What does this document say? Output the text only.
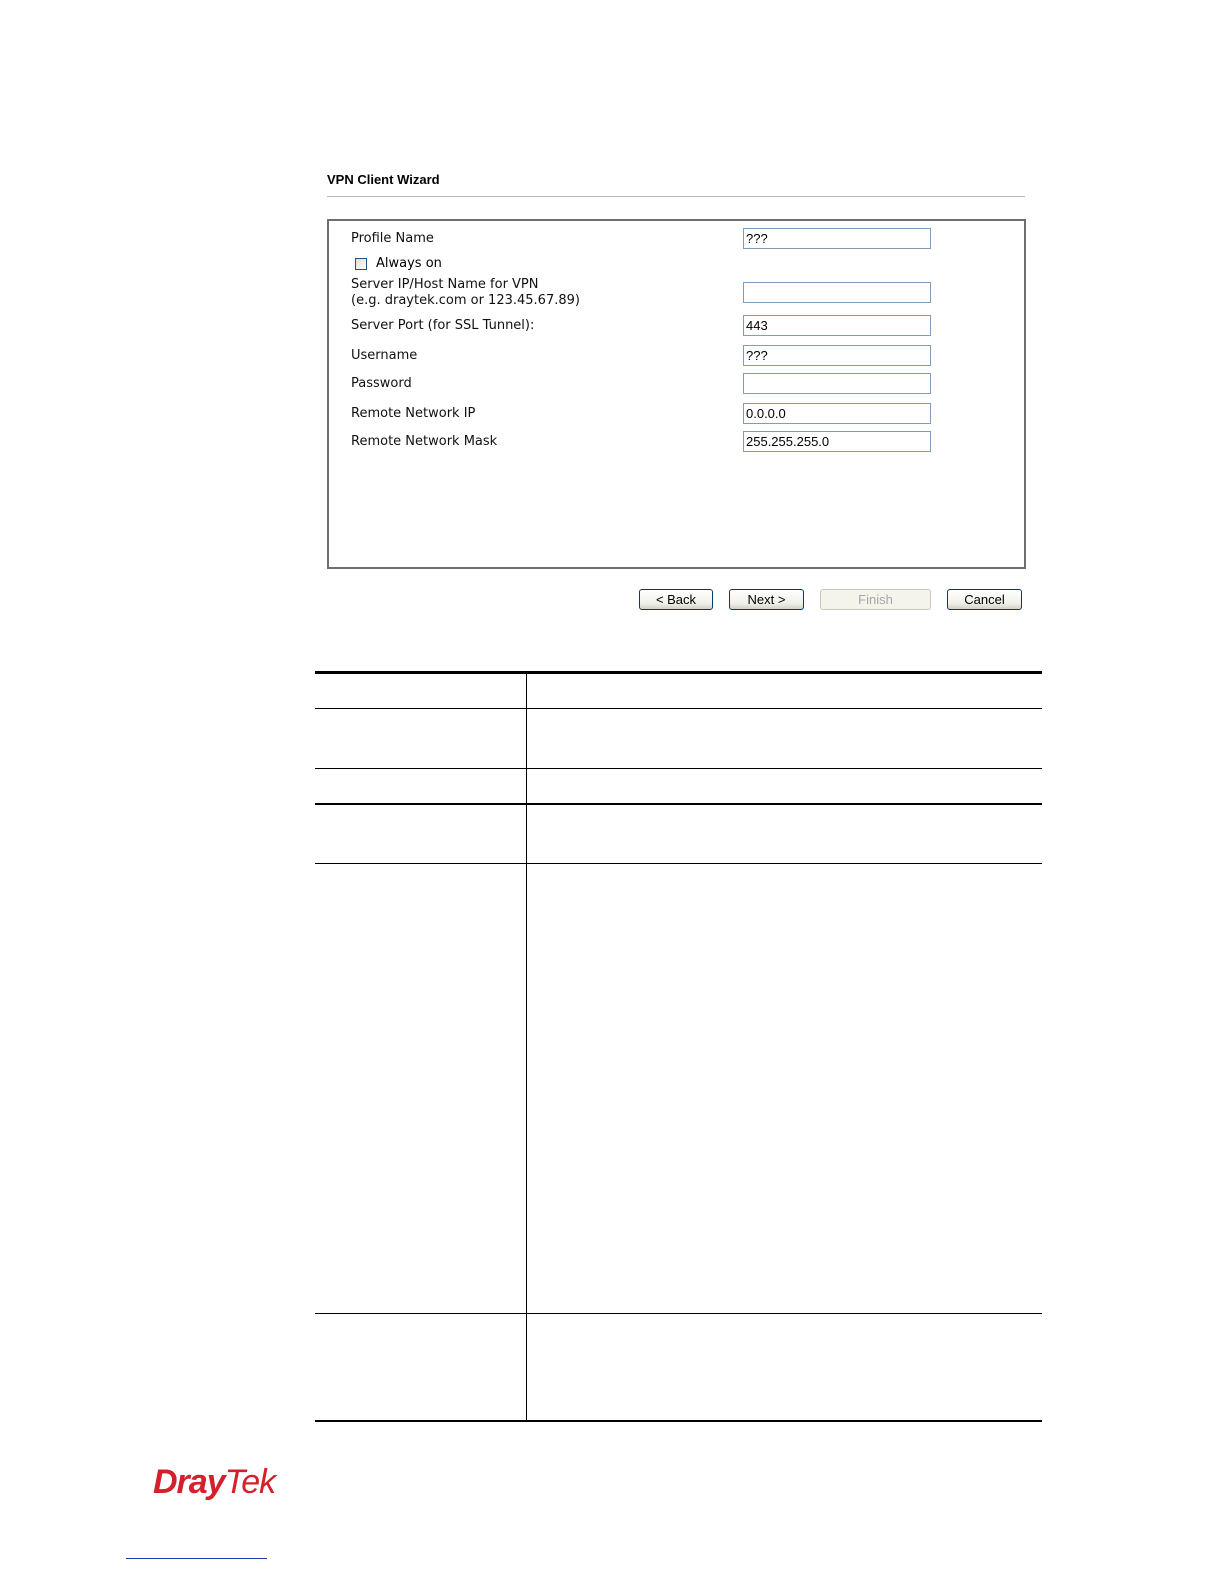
VPN Client Wizard
Profile Name	???
Always on
Server IP/Host Name for VPN
(e.g. draytek.com or 123.45.67.89)
Server Port (for SSL Tunnel):	443
Username	???
Password
Remote Network IP	0.0.0.0
Remote Network Mask	255.255.255.0
< Back	Next >	Finish	Cancel
DrayTek
